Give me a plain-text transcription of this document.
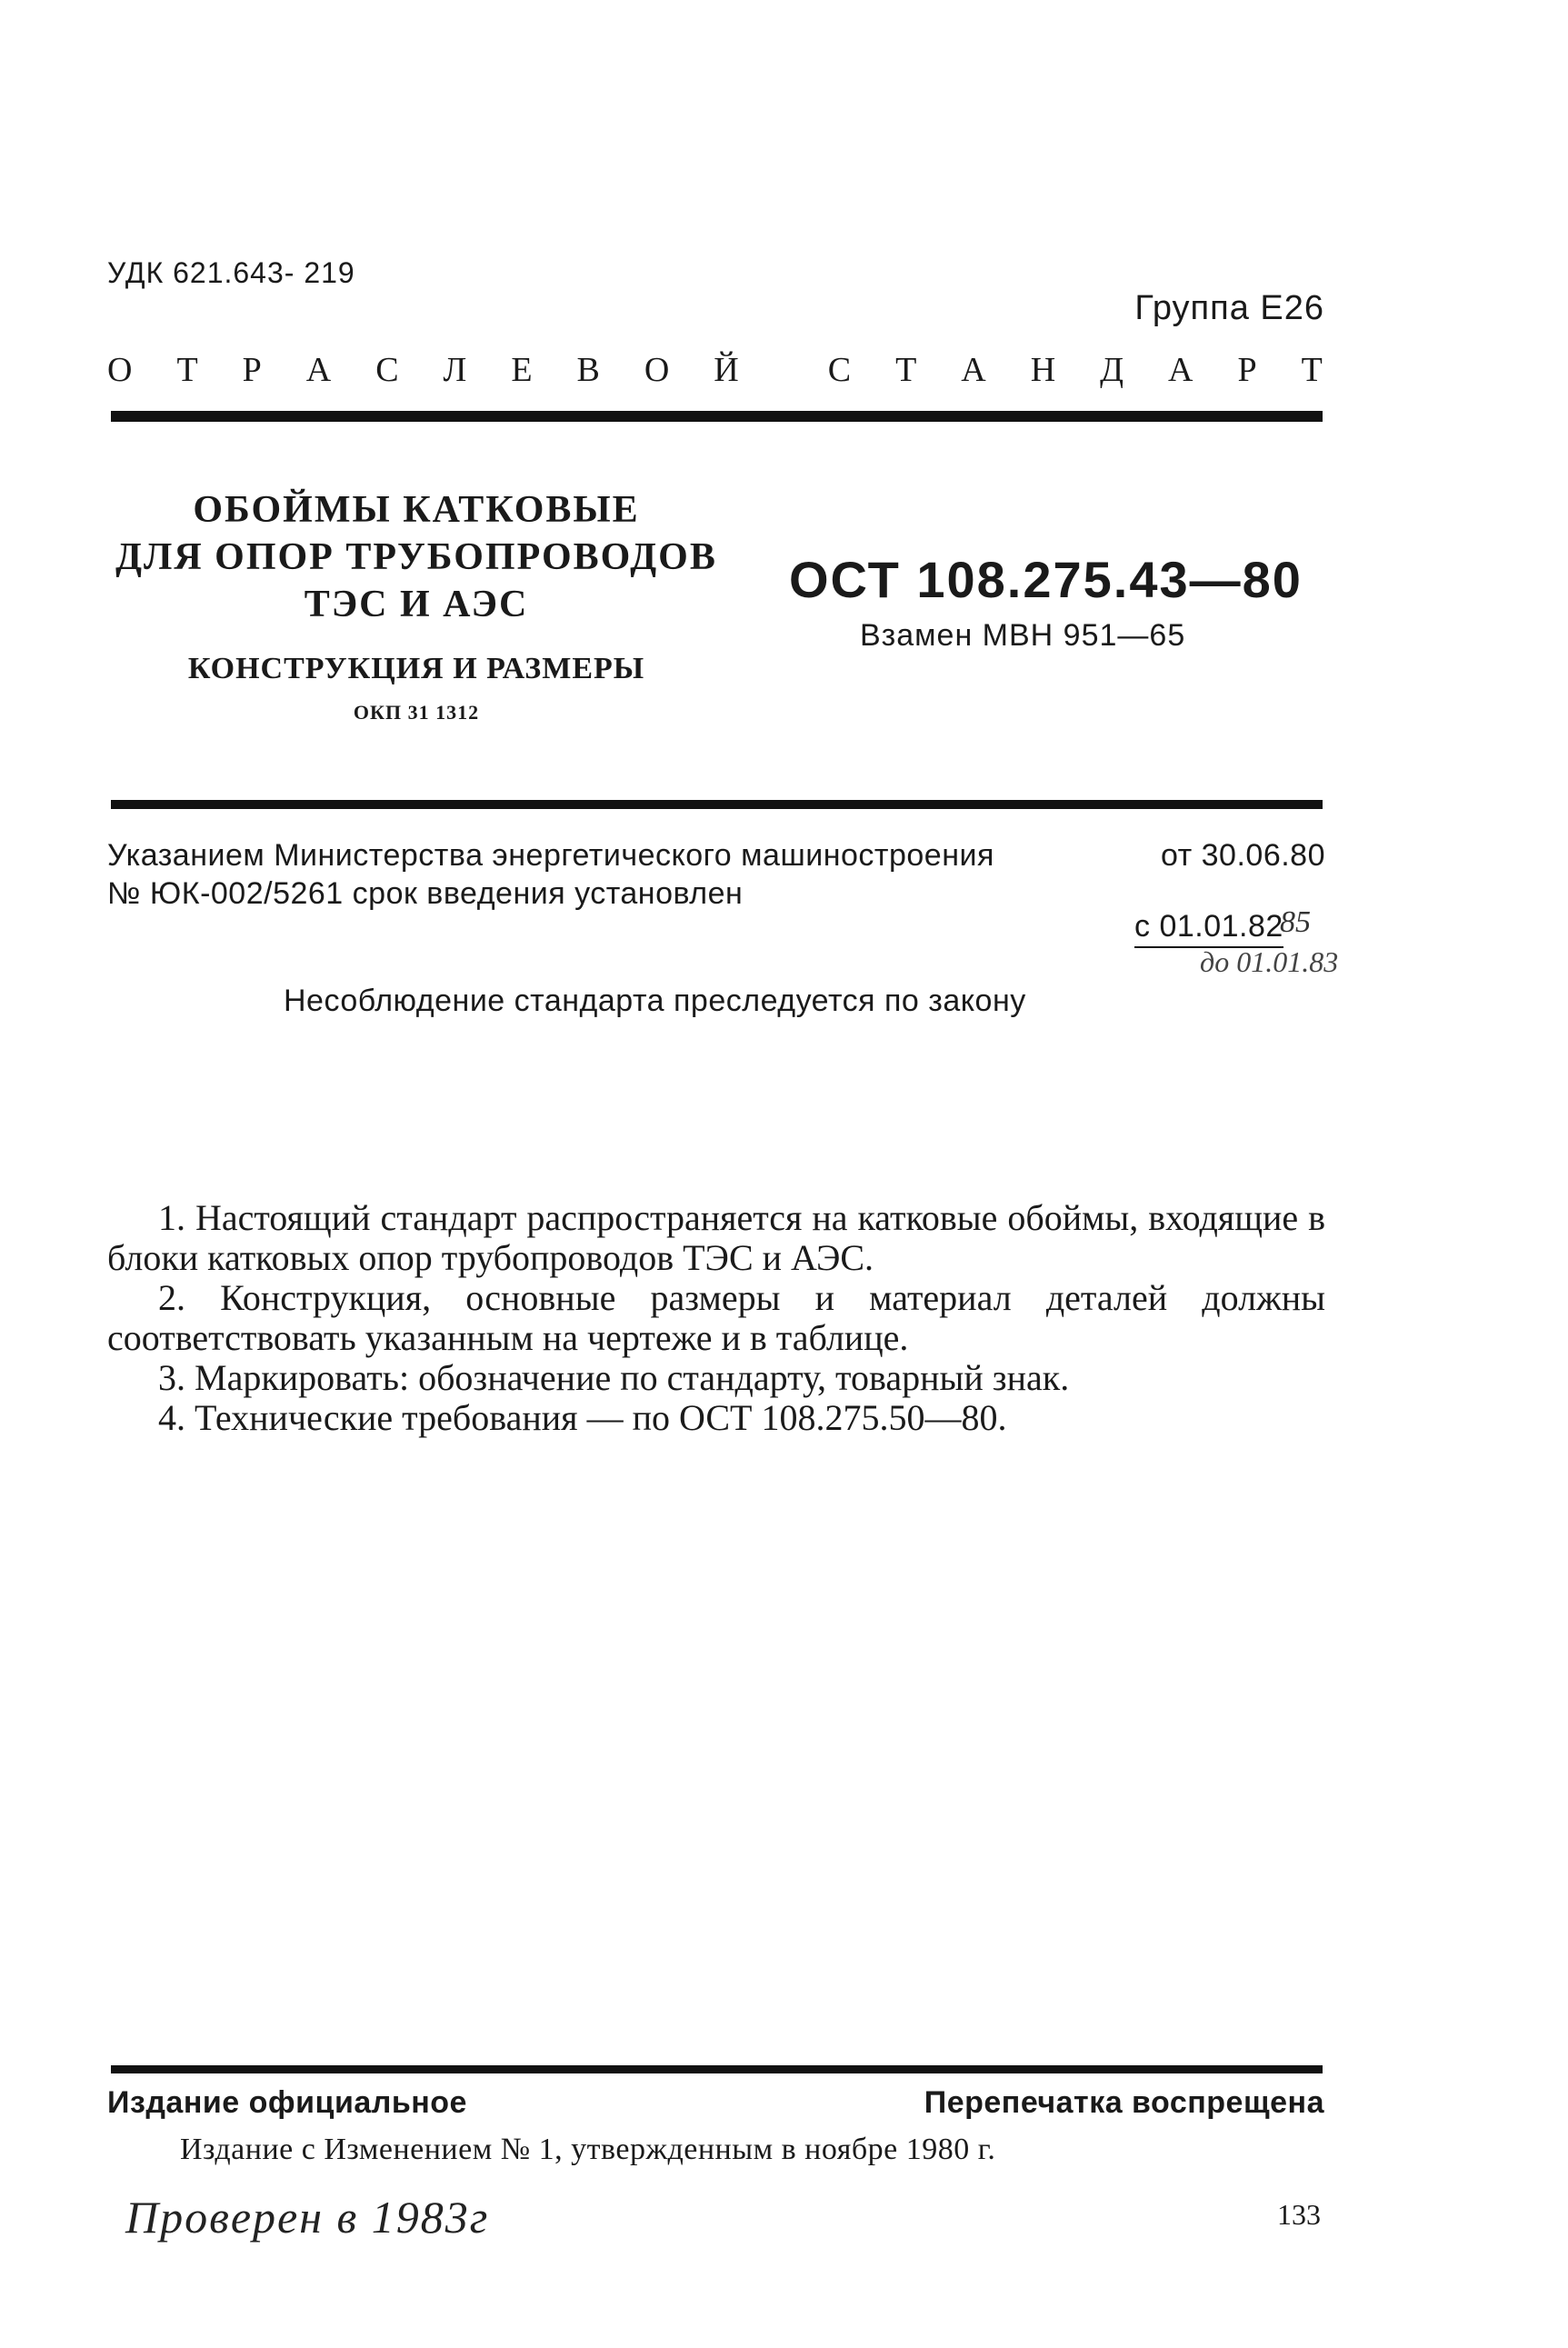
УДК 621.643- 219
Группа Е26
О Т Р А С Л Е В О Й	С Т А Н Д А Р Т
ОБОЙМЫ КАТКОВЫЕ
ДЛЯ ОПОР ТРУБОПРОВОДОВ
ТЭС И АЭС
КОНСТРУКЦИЯ И РАЗМЕРЫ
ОКП 31 1312
ОСТ 108.275.43—80
Взамен МВН 951—65
Указанием Министерства энергетического машиностроения	от 30.06.80
№ ЮК-002/5261 срок введения установлен
с 01.01.82
85
до 01.01.83
Несоблюдение стандарта преследуется по закону

1. Настоящий стандарт распространяется на катковые обоймы, входящие в блоки катковых опор трубопроводов ТЭС и АЭС.

2. Конструкция, основные размеры и материал деталей должны соответствовать указанным на чертеже и в таблице.

3. Маркировать: обозначение по стандарту, товарный знак.

4. Технические требования — по ОСТ 108.275.50—80.

Издание официальное	Перепечатка воспрещена
Издание с Изменением № 1, утвержденным в ноябре 1980 г.
Проверен в 1983г	133
